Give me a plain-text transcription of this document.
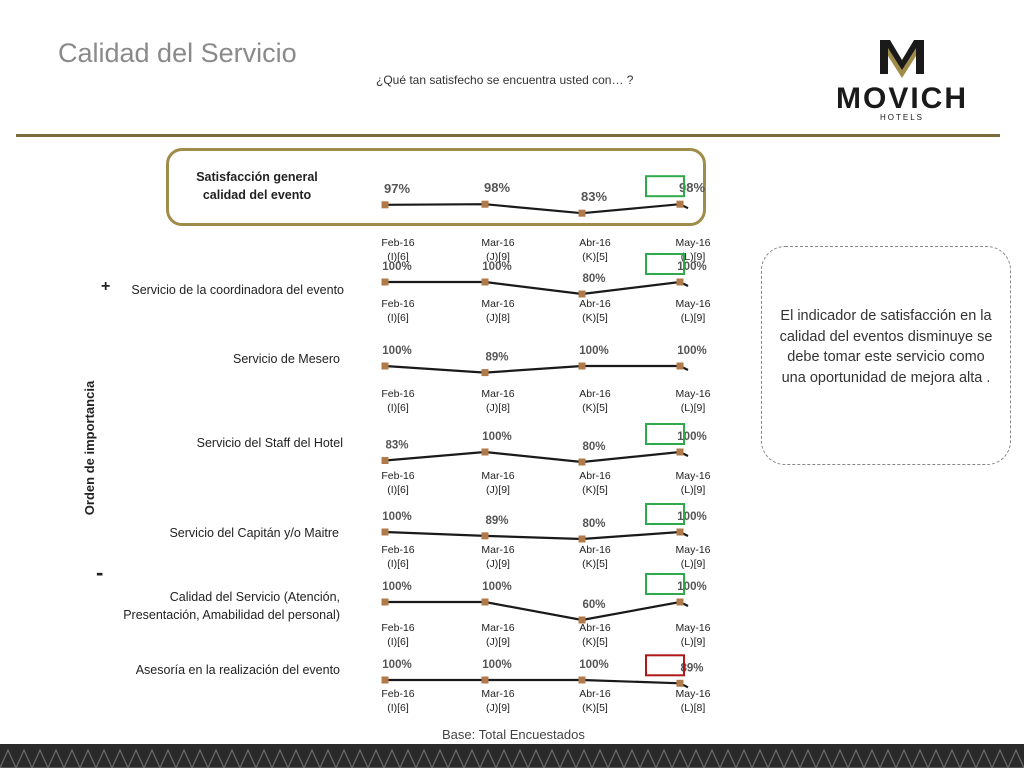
Calidad del Servicio
¿Qué tan satisfecho se encuentra usted con… ?
MOVICH
HOTELS
Satisfacción general calidad del evento
Servicio de la coordinadora del evento
Servicio de Mesero
Servicio del Staff del Hotel
Servicio del Capitán y/o Maitre
Calidad del Servicio (Atención, Presentación, Amabilidad del personal)
Asesoría en la realización del evento
+
-
Orden de importancia
97%	98%
83%
98%
Feb-16
(I)[6]
Mar-16
(J)[9]
Abr-16
(K)[5]
May-16
(L)[9]
100%	100%
80%
100%
Feb-16
(I)[6]
Mar-16
(J)[8]
Abr-16
(K)[5]
May-16
(L)[9]
100%
89%
100%	100%
Feb-16
(I)[6]
Mar-16
(J)[8]
Abr-16
(K)[5]
May-16
(L)[9]
83%
100%
80%
100%
Feb-16
(I)[6]
Mar-16
(J)[9]
Abr-16
(K)[5]
May-16
(L)[9]
100%	89%	80%
100%
Feb-16
(I)[6]
Mar-16
(J)[9]
Abr-16
(K)[5]
May-16
(L)[9]
100%	100%
60%
100%
Feb-16
(I)[6]
Mar-16
(J)[9]
Abr-16
(K)[5]
May-16
(L)[9]
100%	100%	100%	89%
Feb-16
(I)[6]
Mar-16
(J)[9]
Abr-16
(K)[5]
May-16
(L)[8]
El indicador de satisfacción en la calidad del eventos disminuye se debe tomar este servicio como una oportunidad de mejora alta .
Base: Total Encuestados
